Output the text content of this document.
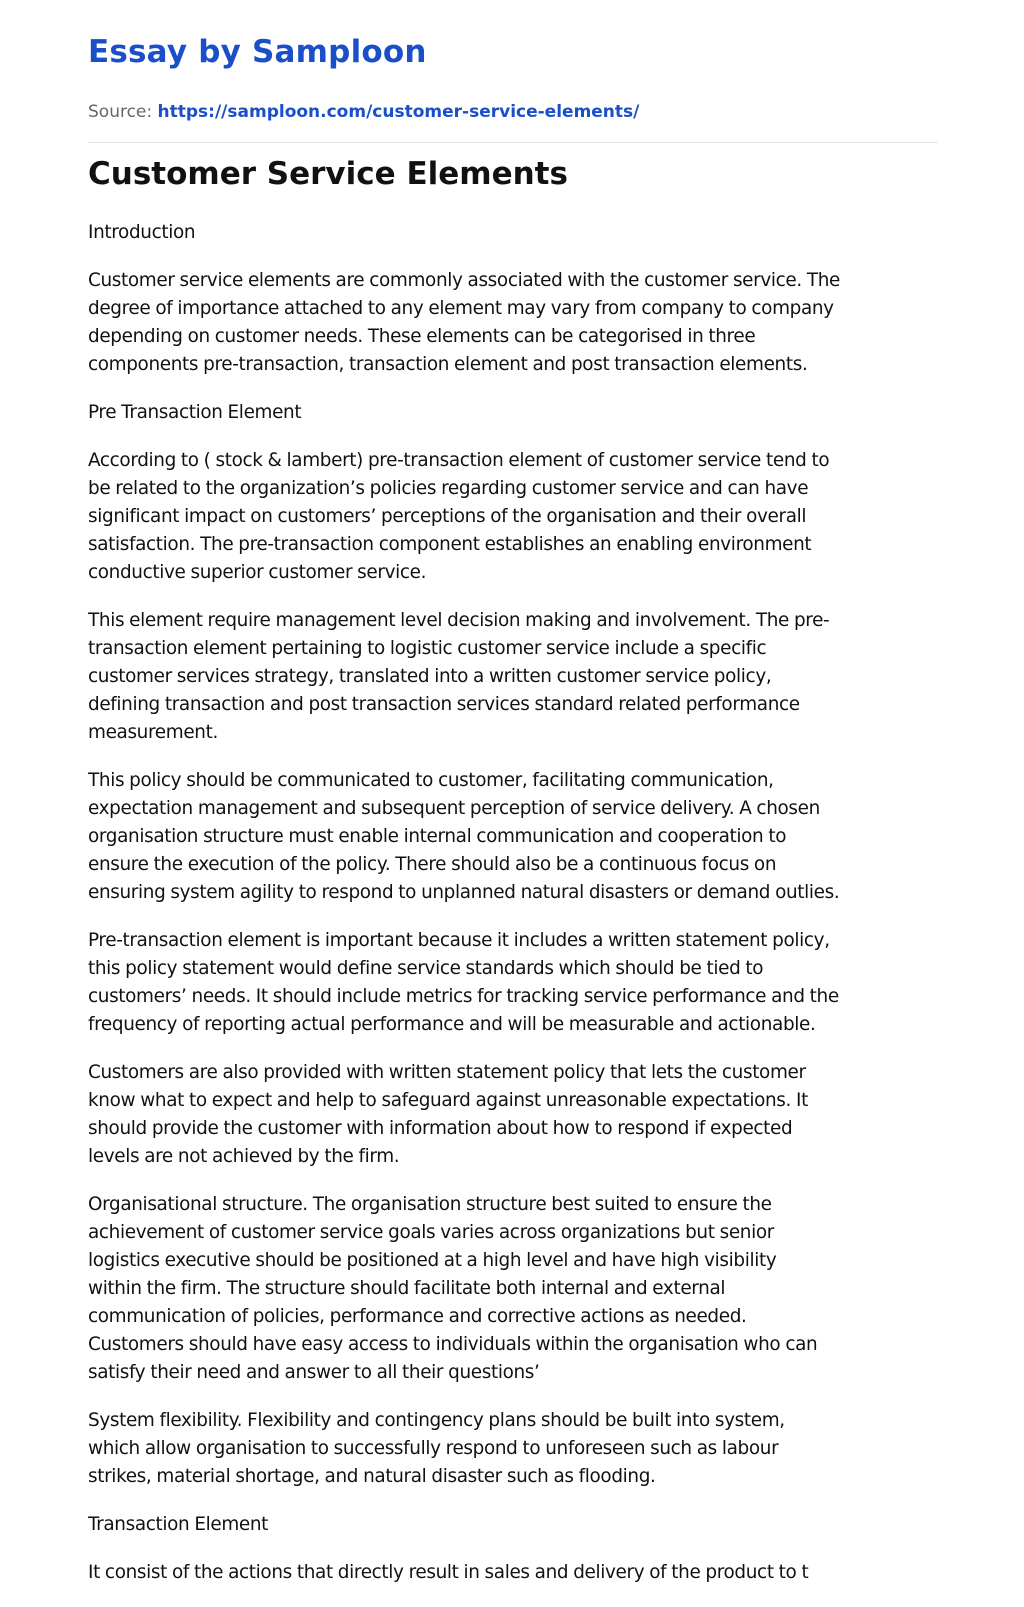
Essay by Samploon
Source: https://samploon.com/customer-service-elements/
Customer Service Elements

Introduction

Customer service elements are commonly associated with the customer service. The
degree of importance attached to any element may vary from company to company
depending on customer needs. These elements can be categorised in three
components pre-transaction, transaction element and post transaction elements.

Pre Transaction Element

According to ( stock & lambert) pre-transaction element of customer service tend to
be related to the organization’s policies regarding customer service and can have
significant impact on customers’ perceptions of the organisation and their overall
satisfaction. The pre-transaction component establishes an enabling environment
conductive superior customer service.

This element require management level decision making and involvement. The pre-
transaction element pertaining to logistic customer service include a specific
customer services strategy, translated into a written customer service policy,
defining transaction and post transaction services standard related performance
measurement.

This policy should be communicated to customer, facilitating communication,
expectation management and subsequent perception of service delivery. A chosen
organisation structure must enable internal communication and cooperation to
ensure the execution of the policy. There should also be a continuous focus on
ensuring system agility to respond to unplanned natural disasters or demand outlies.

Pre-transaction element is important because it includes a written statement policy,
this policy statement would define service standards which should be tied to
customers’ needs. It should include metrics for tracking service performance and the
frequency of reporting actual performance and will be measurable and actionable.

Customers are also provided with written statement policy that lets the customer
know what to expect and help to safeguard against unreasonable expectations. It
should provide the customer with information about how to respond if expected
levels are not achieved by the firm.

Organisational structure. The organisation structure best suited to ensure the
achievement of customer service goals varies across organizations but senior
logistics executive should be positioned at a high level and have high visibility
within the firm. The structure should facilitate both internal and external
communication of policies, performance and corrective actions as needed.
Customers should have easy access to individuals within the organisation who can
satisfy their need and answer to all their questions’

System flexibility. Flexibility and contingency plans should be built into system,
which allow organisation to successfully respond to unforeseen such as labour
strikes, material shortage, and natural disaster such as flooding.

Transaction Element

It consist of the actions that directly result in sales and delivery of the product to t
